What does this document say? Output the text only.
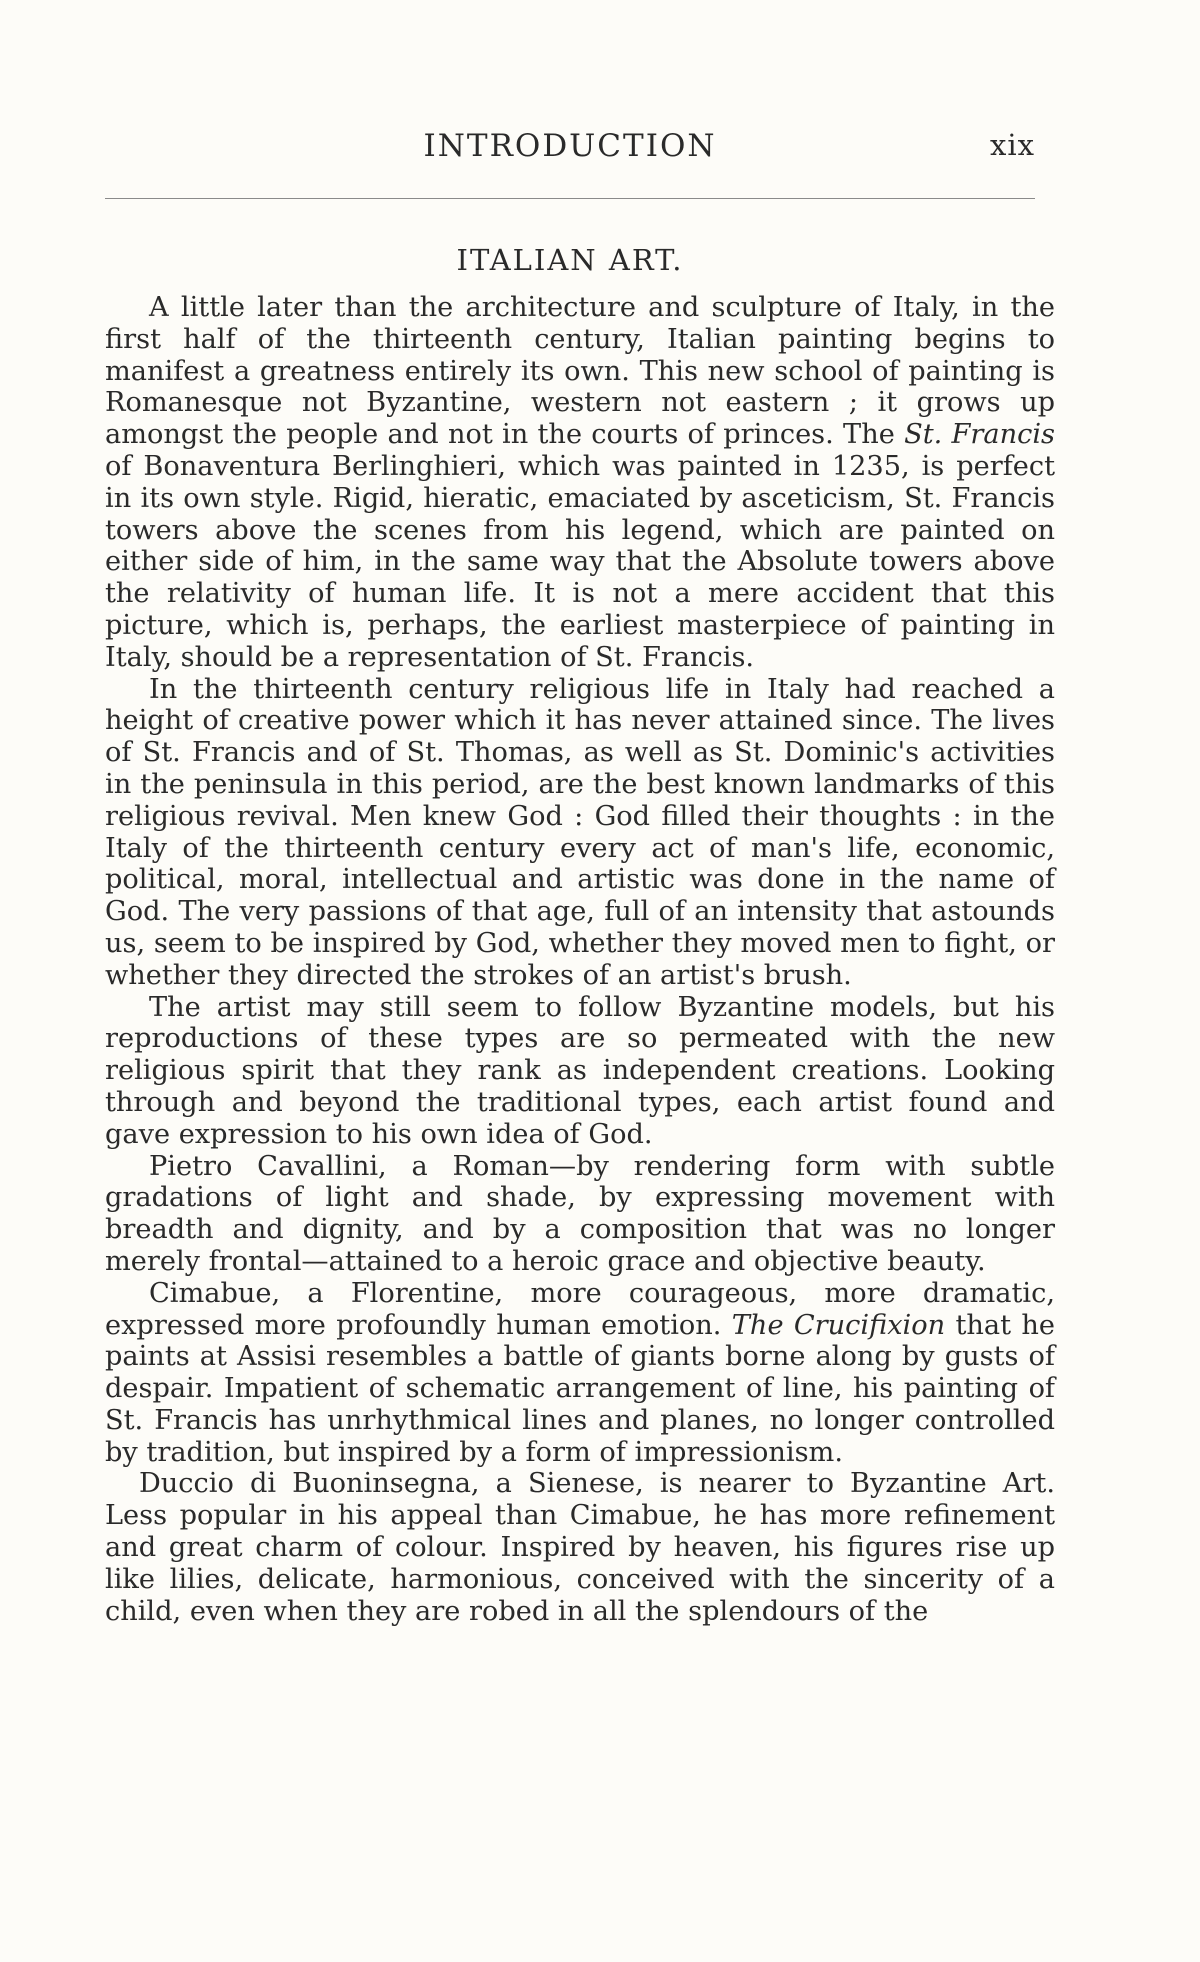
INTRODUCTION	xix
ITALIAN ART.

A little later than the architecture and sculpture of Italy, in the first half of the thirteenth century, Italian painting begins to manifest a greatness entirely its own. This new school of painting is Romanesque not Byzantine, western not eastern ; it grows up amongst the people and not in the courts of princes. The St. Francis of Bonaventura Berlinghieri, which was painted in 1235, is perfect in its own style. Rigid, hieratic, emaciated by asceticism, St. Francis towers above the scenes from his legend, which are painted on either side of him, in the same way that the Absolute towers above the relativity of human life. It is not a mere accident that this picture, which is, perhaps, the earliest masterpiece of painting in Italy, should be a representation of St. Francis.

In the thirteenth century religious life in Italy had reached a height of creative power which it has never attained since. The lives of St. Francis and of St. Thomas, as well as St. Dominic's activities in the peninsula in this period, are the best known landmarks of this religious revival. Men knew God : God filled their thoughts : in the Italy of the thirteenth century every act of man's life, economic, political, moral, intellectual and artistic was done in the name of God. The very passions of that age, full of an intensity that astounds us, seem to be inspired by God, whether they moved men to fight, or whether they directed the strokes of an artist's brush.

The artist may still seem to follow Byzantine models, but his reproductions of these types are so permeated with the new religious spirit that they rank as independent creations. Looking through and beyond the traditional types, each artist found and gave expression to his own idea of God.

Pietro Cavallini, a Roman—by rendering form with subtle gradations of light and shade, by expressing movement with breadth and dignity, and by a composition that was no longer merely frontal—attained to a heroic grace and objective beauty.

Cimabue, a Florentine, more courageous, more dramatic, expressed more profoundly human emotion. The Crucifixion that he paints at Assisi resembles a battle of giants borne along by gusts of despair. Impatient of schematic arrangement of line, his painting of St. Francis has unrhythmical lines and planes, no longer controlled by tradition, but inspired by a form of impressionism.

Duccio di Buoninsegna, a Sienese, is nearer to Byzantine Art. Less popular in his appeal than Cimabue, he has more refinement and great charm of colour. Inspired by heaven, his figures rise up like lilies, delicate, harmonious, conceived with the sincerity of a child, even when they are robed in all the splendours of the
